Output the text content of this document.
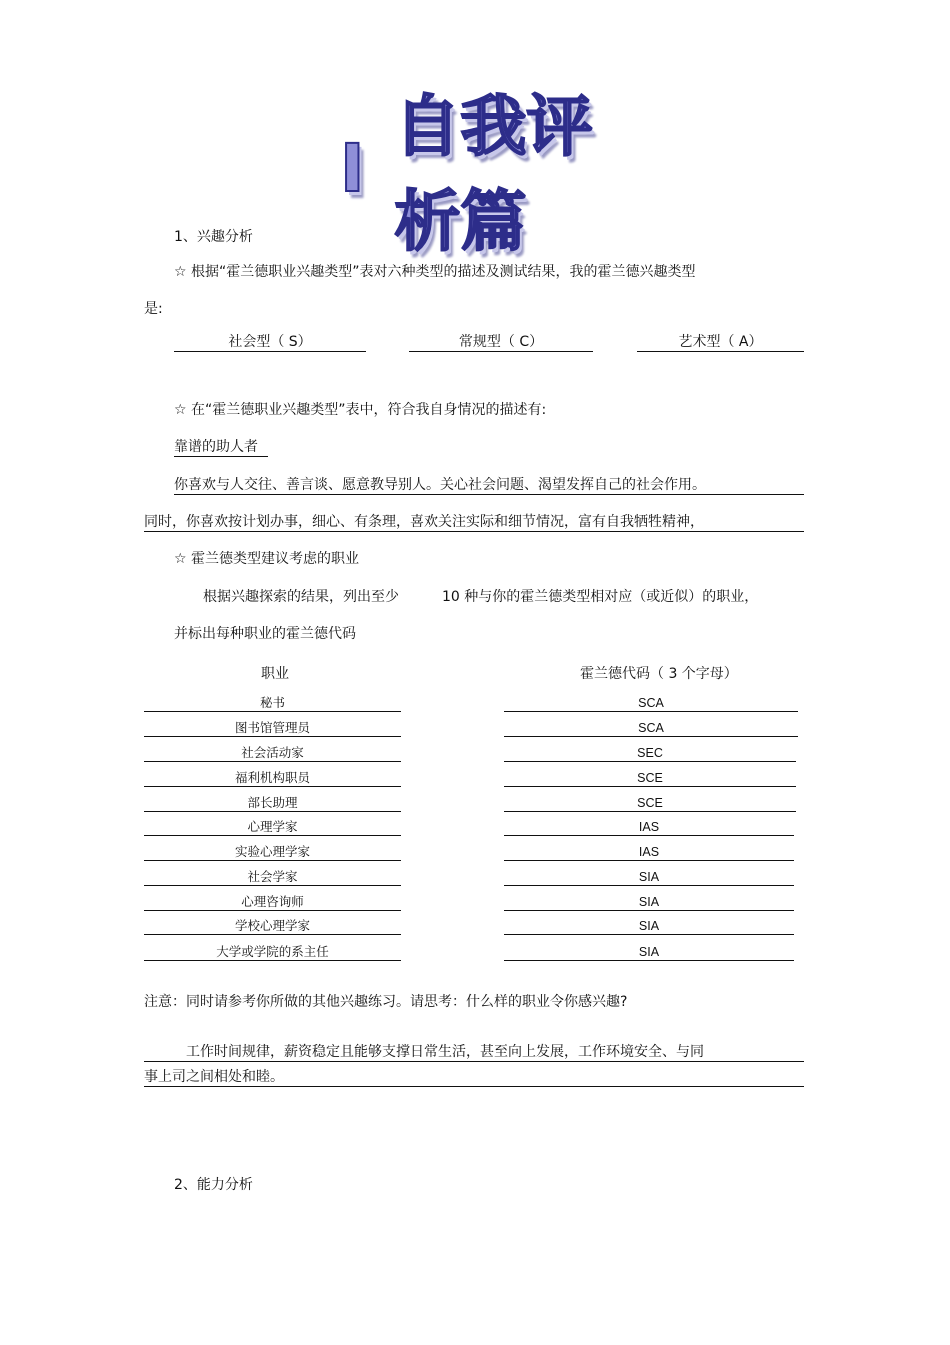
I
自我评析篇
1、兴趣分析
☆ 根据“霍兰德职业兴趣类型”表对六种类型的描述及测试结果，我的霍兰德兴趣类型
是:
社会型（ S）	常规型（ C）	艺术型（ A）
☆ 在“霍兰德职业兴趣类型”表中，符合我自身情况的描述有:
靠谱的助人者
你喜欢与人交往、善言谈、愿意教导别人。关心社会问题、渴望发挥自己的社会作用。
同时，你喜欢按计划办事，细心、有条理，喜欢关注实际和细节情况，富有自我牺牲精神，
☆ 霍兰德类型建议考虑的职业
根据兴趣探索的结果，列出至少	10 种与你的霍兰德类型相对应（或近似）的职业，
并标出每种职业的霍兰德代码
职业	霍兰德代码（ 3 个字母）
秘书	SCA
图书馆管理员	SCA
社会活动家	SEC
福利机构职员	SCE
部长助理	SCE
心理学家	IAS
实验心理学家	IAS
社会学家	SIA
心理咨询师	SIA
学校心理学家	SIA
大学或学院的系主任	SIA
注意：同时请参考你所做的其他兴趣练习。请思考：什么样的职业令你感兴趣?
工作时间规律，薪资稳定且能够支撑日常生活，甚至向上发展，工作环境安全、与同
事上司之间相处和睦。
2、能力分析
